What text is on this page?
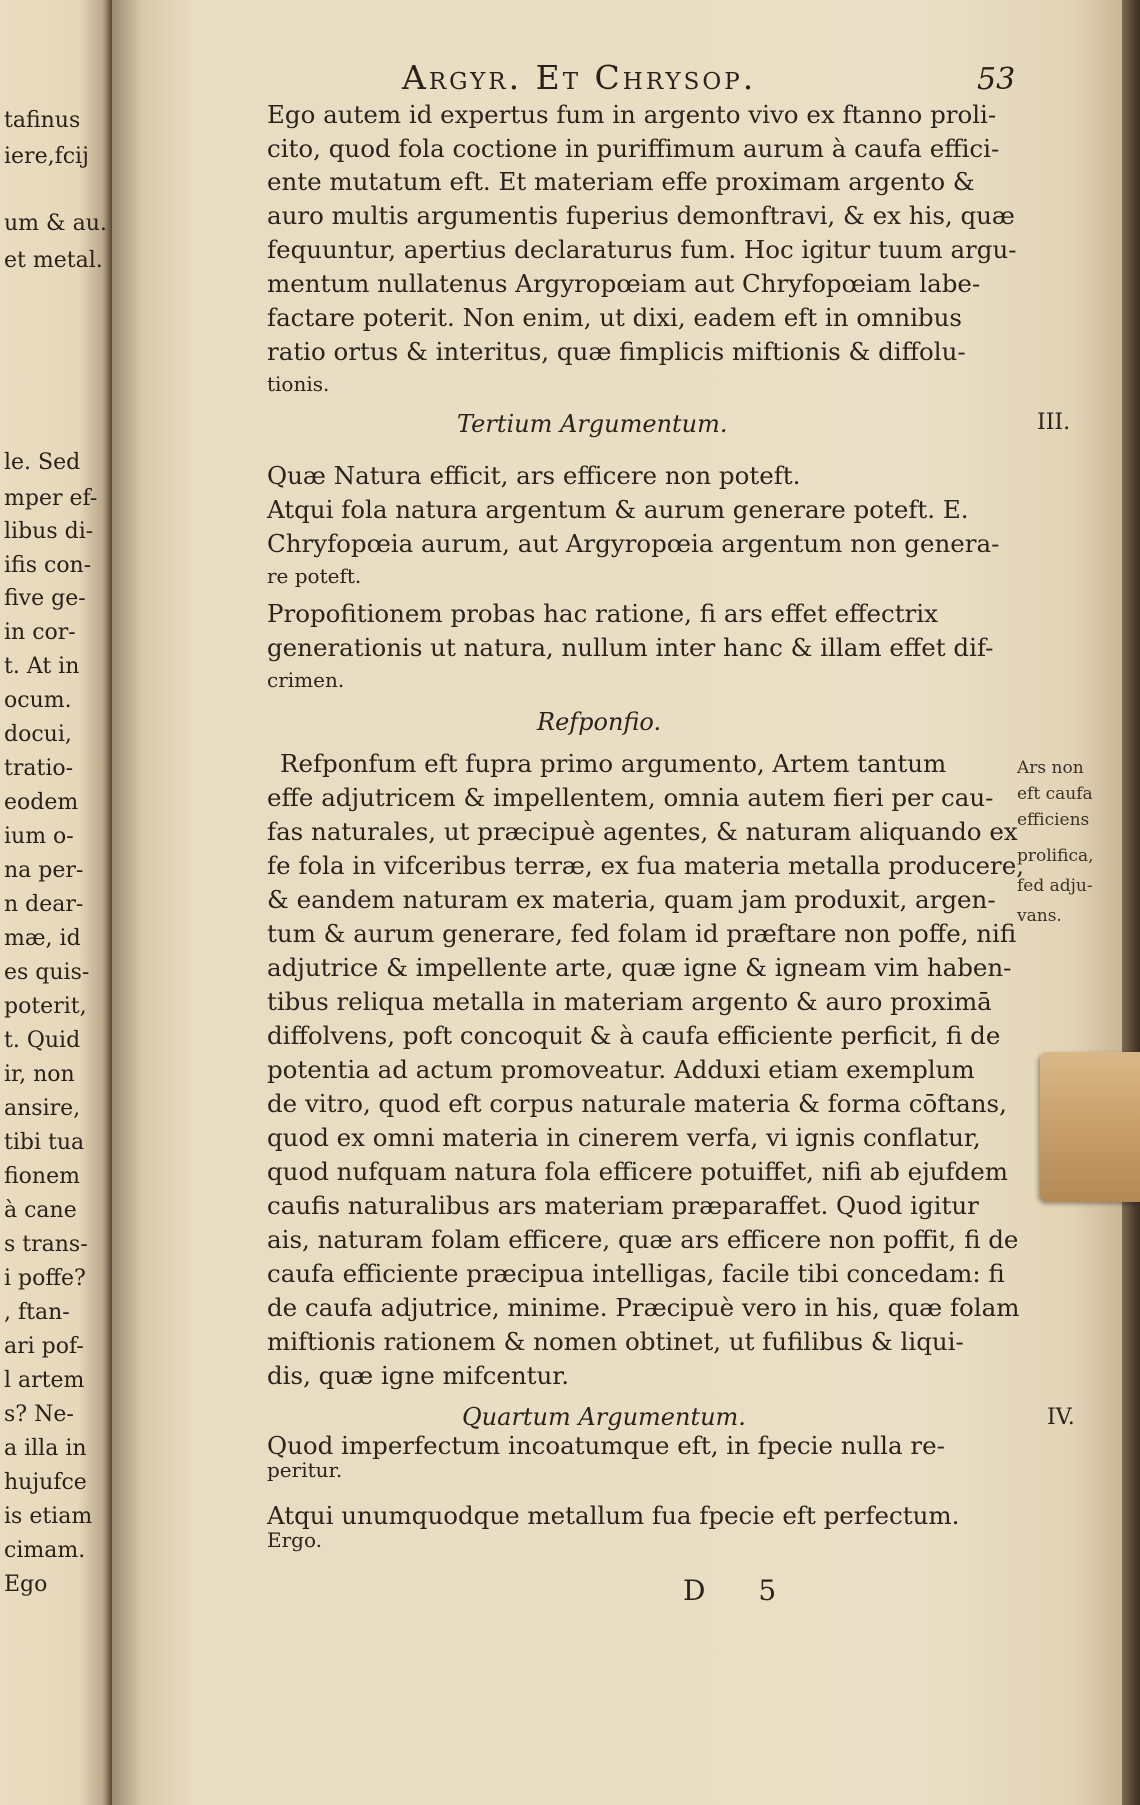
tafinus
iere,fcij
um & au.
et metal.
le. Sed
mper ef-
libus di-
ifis con-
five ge-
in cor-
t. At in
ocum.
docui,
tratio-
eodem
ium o-
na per-
n dear-
mæ, id
es quis-
poterit,
t. Quid
ir, non
ansire,
tibi tua
fionem
à cane
s trans-
i poffe?
, ftan-
ari pof-
l artem
s? Ne-
a illa in
hujufce
is etiam
cimam.
Ego
Argyr. Et Chrysop.	53
Ego autem id expertus fum in argento vivo ex ftanno proli-
cito, quod fola coctione in puriffimum aurum à caufa effici-
ente mutatum eft. Et materiam effe proximam argento &
auro multis argumentis fuperius demonftravi, & ex his, quæ
fequuntur, apertius declaraturus fum. Hoc igitur tuum argu-
mentum nullatenus Argyropœiam aut Chryfopœiam labe-
factare poterit. Non enim, ut dixi, eadem eft in omnibus
ratio ortus & interitus, quæ fimplicis miftionis & diffolu-
tionis.
Tertium Argumentum.	III.
Quæ Natura efficit, ars efficere non poteft.
Atqui fola natura argentum & aurum generare poteft. E.
Chryfopœia aurum, aut Argyropœia argentum non genera-
re poteft.
Propofitionem probas hac ratione, fi ars effet effectrix
generationis ut natura, nullum inter hanc & illam effet dif-
crimen.
Refponfio.
Refponfum eft fupra primo argumento, Artem tantum
effe adjutricem & impellentem, omnia autem fieri per cau-
fas naturales, ut præcipuè agentes, & naturam aliquando ex
fe fola in vifceribus terræ, ex fua materia metalla producere,
& eandem naturam ex materia, quam jam produxit, argen-
tum & aurum generare, fed folam id præftare non poffe, nifi
adjutrice & impellente arte, quæ igne & igneam vim haben-
tibus reliqua metalla in materiam argento & auro proximā
diffolvens, poft concoquit & à caufa efficiente perficit, fi de
potentia ad actum promoveatur. Adduxi etiam exemplum
de vitro, quod eft corpus naturale materia & forma cōftans,
quod ex omni materia in cinerem verfa, vi ignis conflatur,
quod nufquam natura fola efficere potuiffet, nifi ab ejufdem
caufis naturalibus ars materiam præparaffet. Quod igitur
ais, naturam folam efficere, quæ ars efficere non poffit, fi de
caufa efficiente præcipua intelligas, facile tibi concedam: fi
de caufa adjutrice, minime. Præcipuè vero in his, quæ folam
miftionis rationem & nomen obtinet, ut fufilibus & liqui-
dis, quæ igne mifcentur.
Quartum Argumentum.	IV.
Quod imperfectum incoatumque eft, in fpecie nulla re-
peritur.
Atqui unumquodque metallum fua fpecie eft perfectum.
Ergo.
Ars non
eft caufa
efficiens
prolifica,
fed adju-
vans.
D 5
